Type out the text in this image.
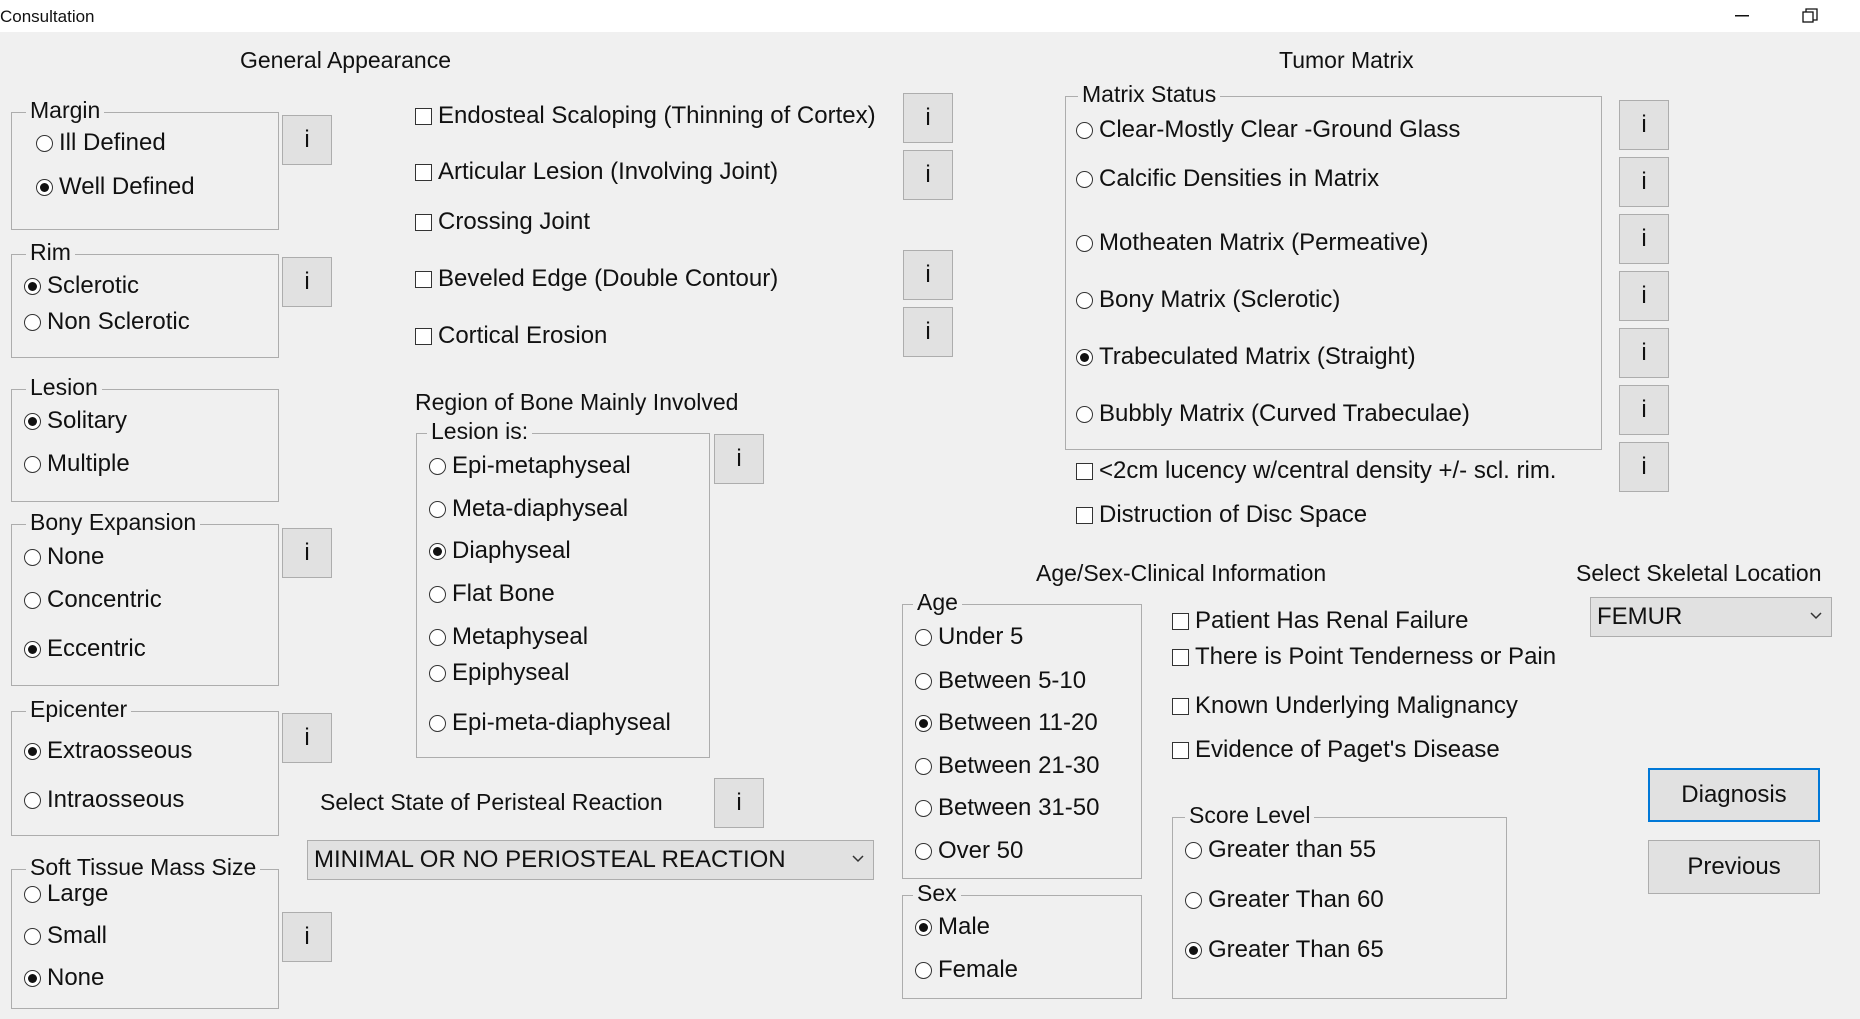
Consultation
General Appearance	Tumor Matrix
Margin
Ill Defined
Well Defined
i
Rim
Sclerotic
Non Sclerotic
i
Lesion
Solitary
Multiple
Bony Expansion
None
Concentric
Eccentric
i
Epicenter
Extraosseous
Intraosseous
i
Soft Tissue Mass Size
Large
Small
None
i
Endosteal Scaloping (Thinning of Cortex)	i
Articular Lesion (Involving Joint)	i
Crossing Joint
Beveled Edge (Double Contour)	i
Cortical Erosion	i
Region of Bone Mainly Involved
Lesion is:
Epi-metaphyseal
Meta-diaphyseal
Diaphyseal
Flat Bone
Metaphyseal
Epiphyseal
Epi-meta-diaphyseal
i
Select State of Peristeal Reaction	i
MINIMAL OR NO PERIOSTEAL REACTION
Matrix Status
Clear-Mostly Clear -Ground Glass
Calcific Densities in Matrix
Motheaten Matrix (Permeative)
Bony Matrix (Sclerotic)
Trabeculated Matrix (Straight)
Bubbly Matrix (Curved Trabeculae)
i
i
i
i
i
i
i
<2cm lucency w/central density +/- scl. rim.
Distruction of Disc Space
Age/Sex-Clinical Information
Age
Under 5
Between 5-10
Between 11-20
Between 21-30
Between 31-50
Over 50
Sex
Male
Female
Patient Has Renal Failure
There is Point Tenderness or Pain
Known Underlying Malignancy
Evidence of Paget's Disease
Score Level
Greater than 55
Greater Than 60
Greater Than 65
Select Skeletal Location
FEMUR
Diagnosis
Previous
